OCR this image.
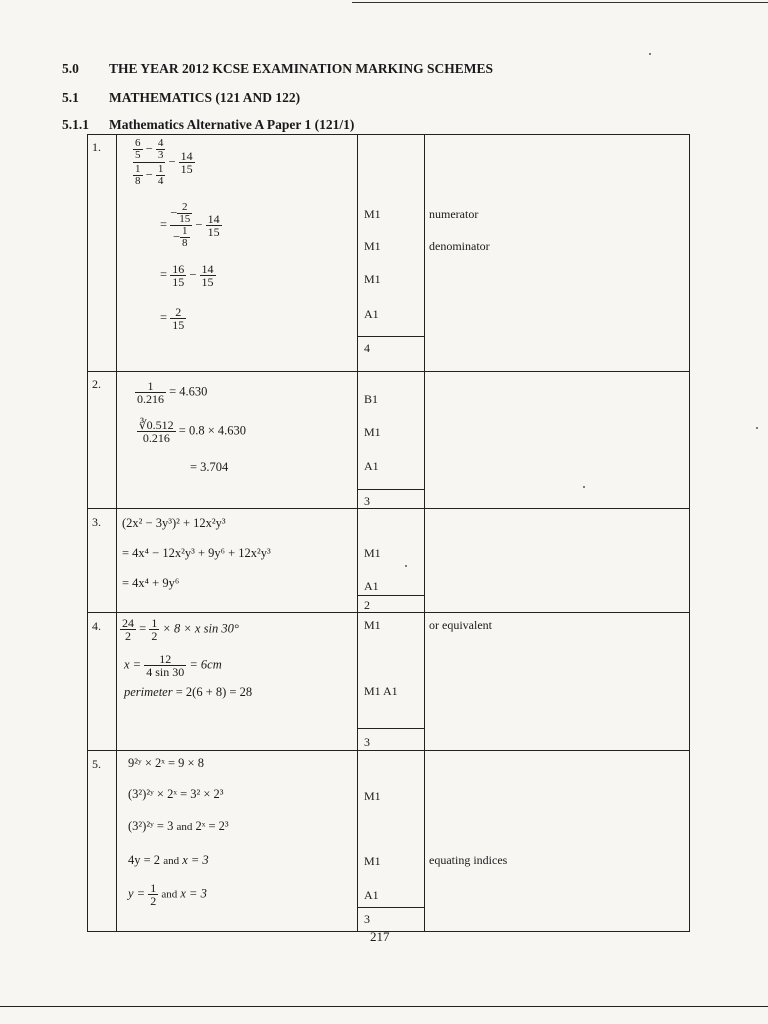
5.0 THE YEAR 2012 KCSE EXAMINATION MARKING SCHEMES
5.1 MATHEMATICS (121 AND 122)
5.1.1 Mathematics Alternative A Paper 1 (121/1)
1.	$\frac{\frac{6}{5} - \frac{4}{3}}{\frac{1}{8} - \frac{1}{4}} - \frac{14}{15}$
= $\frac{- \frac{2}{15}}{- \frac{1}{8}} - \frac{14}{15}$
= $\frac{16}{15} - \frac{14}{15}$
= $\frac{2}{15}$
M1
M1
M1
A1
4
numerator
denominator
2.	$\frac{1}{0.216} = 4.630$
$\frac{∛0.512}{0.216} = 0.8 \times 4.630$
= 3.704
B1
M1
A1
3
3. (2x² − 3y³)² + 12x²y³
= 4x⁴ − 12x²y³ + 9y⁶ + 12x²y³
= 4x⁴ + 9y⁶
M1
A1
2
4. $\frac{24}{2} = \frac{1}{2} \times 8 \times x$ sin 30°
$x = \frac{12}{4 \sin 30} = 6cm$
perimeter = 2(6 + 8) = 28
M1
M1 A1
3
or equivalent
5. 9²ʸ × 2ˣ = 9 × 8
(3²)²ʸ × 2ˣ = 3² × 2³
(3²)²ʸ = 3 and 2ˣ = 2³
4y = 2 and x = 3
$y = \frac{1}{2}$ and x = 3
M1
M1
A1
3
equating indices
217
